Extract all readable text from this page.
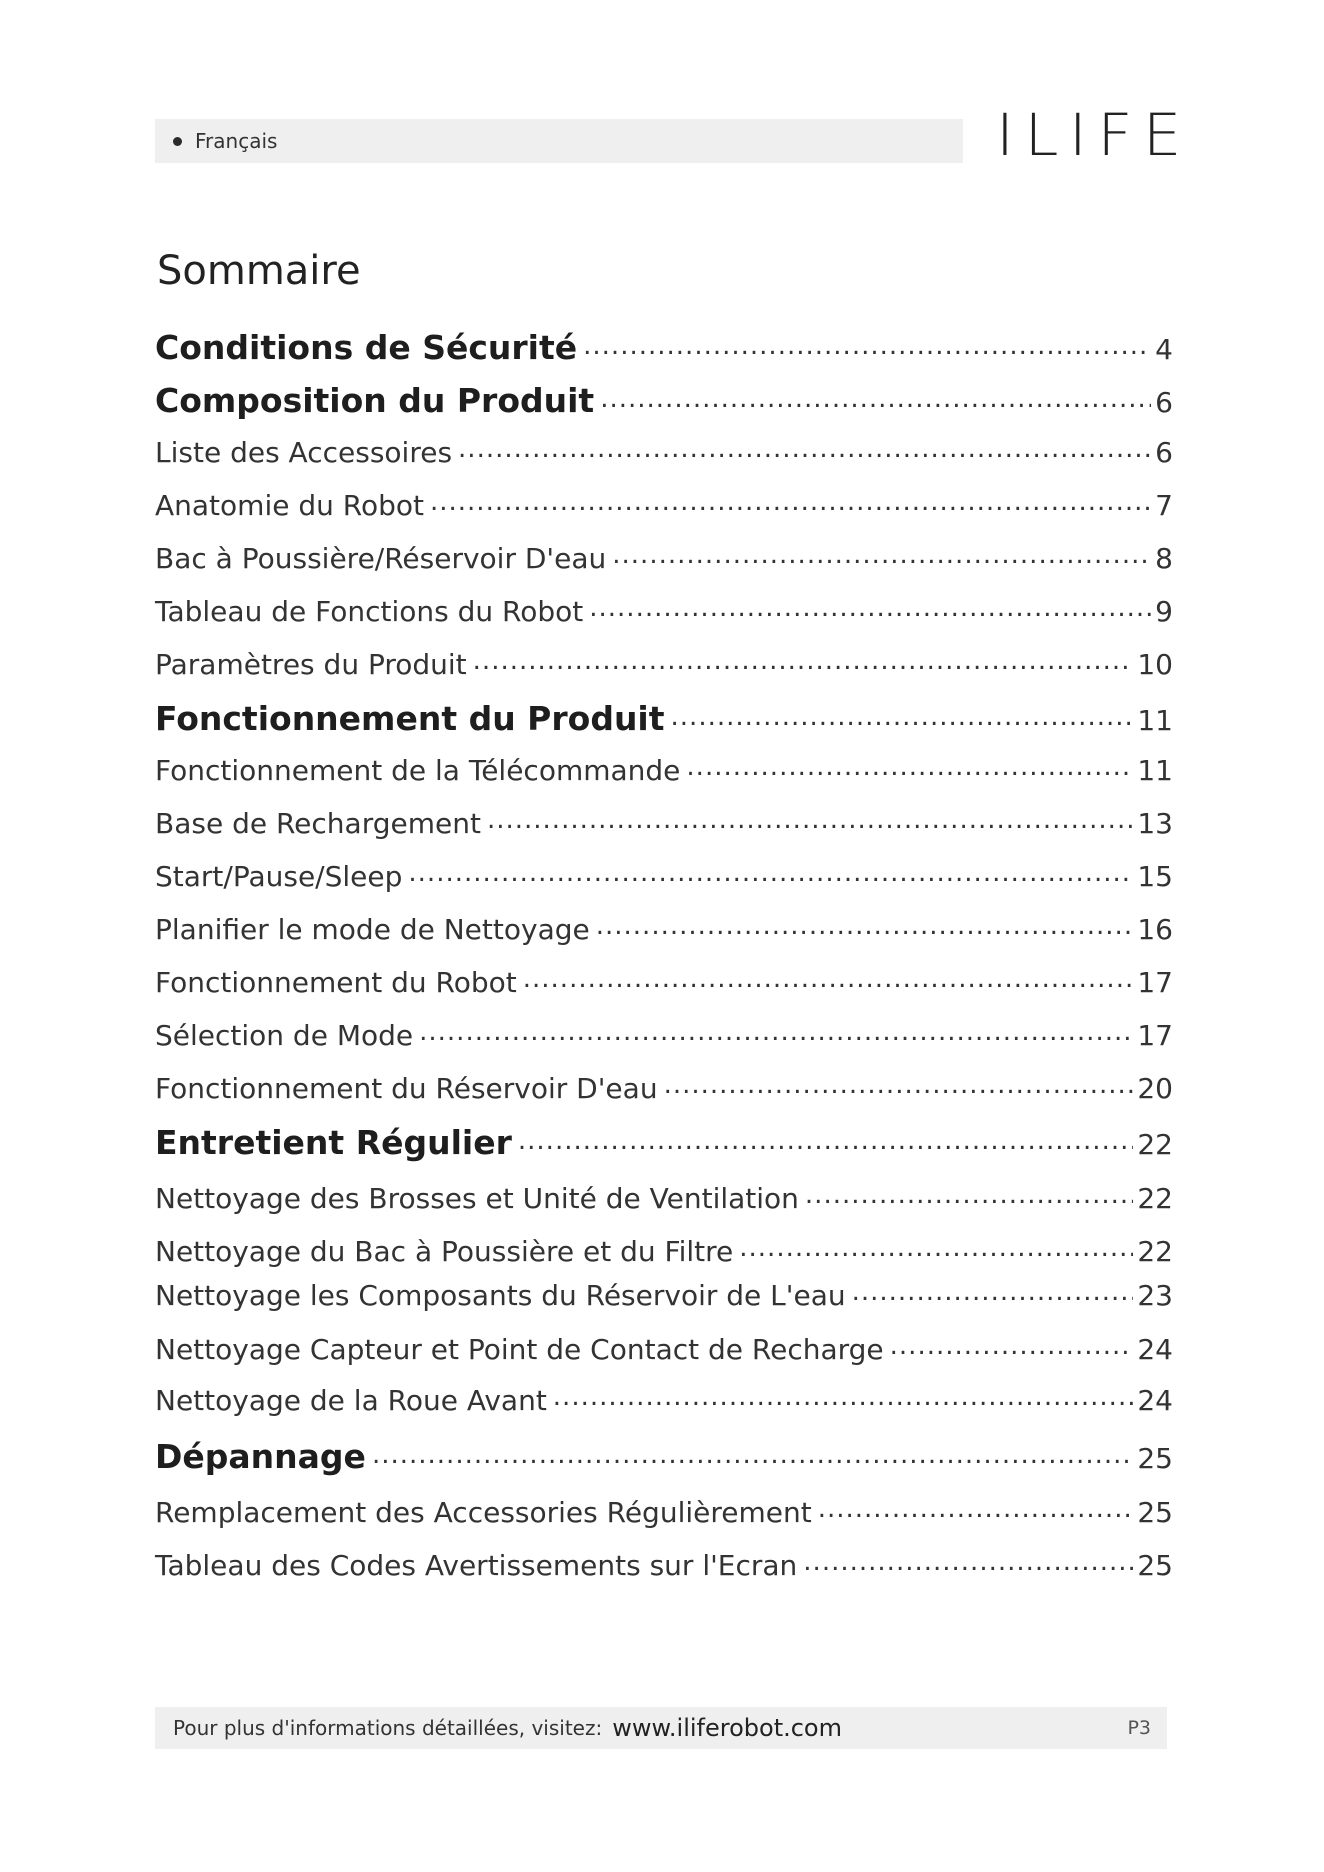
Français	ILIFE
Sommaire
Conditions de Sécurité .....	4
Composition du Produit .....	6
Liste des Accessoires .....	6
Anatomie du Robot .....	7
Bac à Poussière/Réservoir D'eau .....	8
Tableau de Fonctions du Robot .....	9
Paramètres du Produit .....	10
Fonctionnement du Produit .....	11
Fonctionnement de la Télécommande .....	11
Base de Rechargement .....	13
Start/Pause/Sleep .....	15
Planifier le mode de Nettoyage .....	16
Fonctionnement du Robot .....	17
Sélection de Mode .....	17
Fonctionnement du Réservoir D'eau .....	20
Entretient Régulier .....	22
Nettoyage des Brosses et Unité de Ventilation .....	22
Nettoyage du Bac à Poussière et du Filtre .....	22
Nettoyage les Composants du Réservoir de L'eau .....	23
Nettoyage Capteur et Point de Contact de Recharge .....	24
Nettoyage de la Roue Avant .....	24
Dépannage .....	25
Remplacement des Accessories Régulièrement .....	25
Tableau des Codes Avertissements sur l'Ecran .....	25
Pour plus d'informations détaillées, visitez: www.iliferobot.com	P3
